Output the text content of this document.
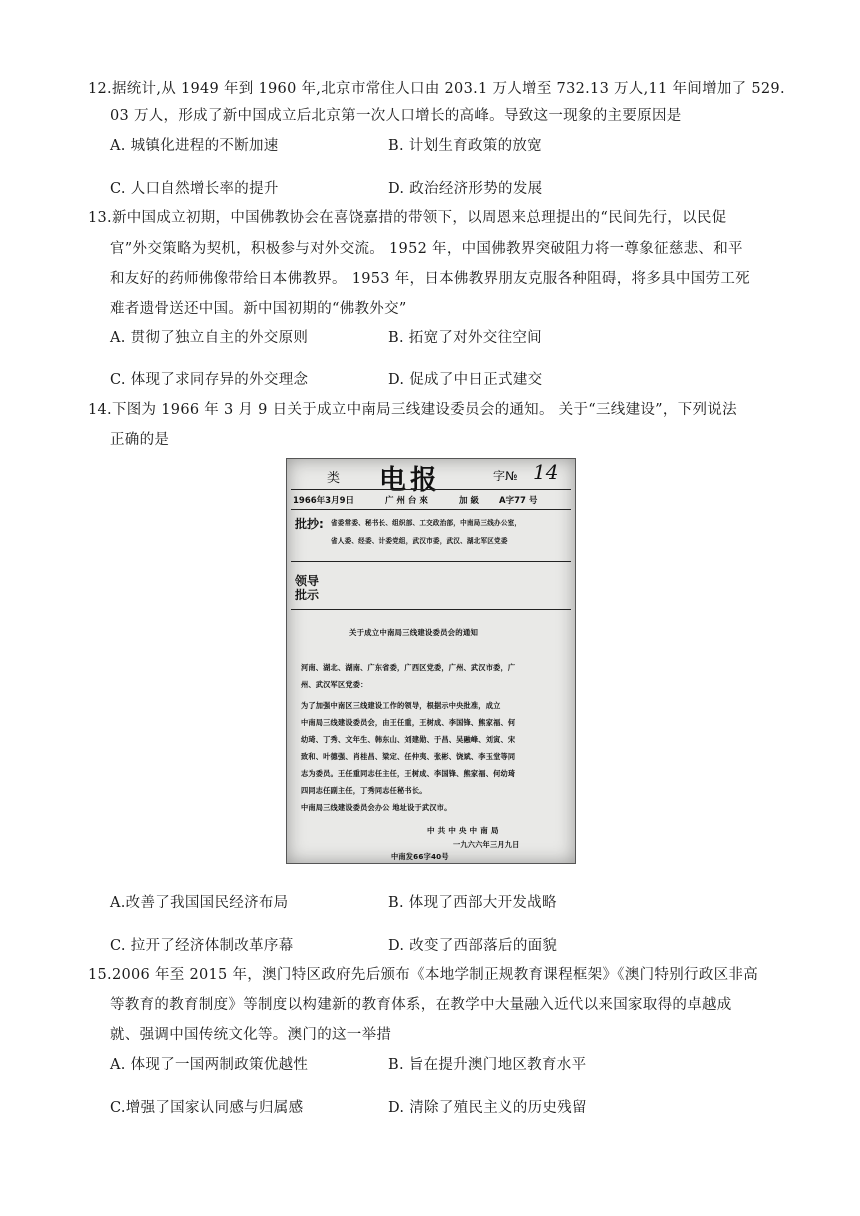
12.据统计,从 1949 年到 1960 年,北京市常住人口由 203.1 万人增至 732.13 万人,11 年间增加了 529.
03 万人，形成了新中国成立后北京第一次人口增长的高峰。导致这一现象的主要原因是
A. 城镇化进程的不断加速	B. 计划生育政策的放宽
C. 人口自然增长率的提升	D. 政治经济形势的发展
13.新中国成立初期，中国佛教协会在喜饶嘉措的带领下，以周恩来总理提出的“民间先行，以民促
官”外交策略为契机，积极参与对外交流。 1952 年，中国佛教界突破阻力将一尊象征慈悲、和平
和友好的药师佛像带给日本佛教界。 1953 年，日本佛教界朋友克服各种阻碍，将多具中国劳工死
难者遗骨送还中国。新中国初期的“佛教外交”
A. 贯彻了独立自主的外交原则	B. 拓宽了对外交往空间
C. 体现了求同存异的外交理念	D. 促成了中日正式建交
14.下图为 1966 年 3 月 9 日关于成立中南局三线建设委员会的通知。 关于“三线建设”，下列说法
正确的是
类 电报	字№ 14
1966年3月9日	广 州 台 來	加 級 A字77 号
批抄: 省委常委、秘书长、组织部、工交政治部，中南局三线办公室，
省人委、经委、计委党组，武汉市委，武汉、湖北军区党委
领导
批示
关于成立中南局三线建设委员会的通知
河南、湖北、湖南、广东省委，广西区党委，广州、武汉市委，广
州、武汉军区党委：
为了加强中南区三线建设工作的领导，根据示中央批准，成立
中南局三线建设委员会，由王任重，王树成、李国锋、熊家福、何
幼琦、丁秀、文年生、韩东山、刘建勋、于昌、吴融峰、刘寅、宋
致和、叶德强、肖桂昌、梁定、任仲夷、张彬、饶斌、李玉堂等同
志为委员。王任重同志任主任，王树成、李国锋、熊家福、何幼琦
四同志任副主任，丁秀同志任秘书长。
中南局三线建设委员会办公 地址设于武汉市。
中 共 中 央 中 南 局
一九六六年三月九日
中南发66字40号
A.改善了我国国民经济布局	B. 体现了西部大开发战略
C. 拉开了经济体制改革序幕	D. 改变了西部落后的面貌
15.2006 年至 2015 年，澳门特区政府先后颁布《本地学制正规教育课程框架》《澳门特别行政区非高
等教育的教育制度》等制度以构建新的教育体系，在教学中大量融入近代以来国家取得的卓越成
就、强调中国传统文化等。澳门的这一举措
A. 体现了一国两制政策优越性	B. 旨在提升澳门地区教育水平
C.增强了国家认同感与归属感	D. 清除了殖民主义的历史残留
